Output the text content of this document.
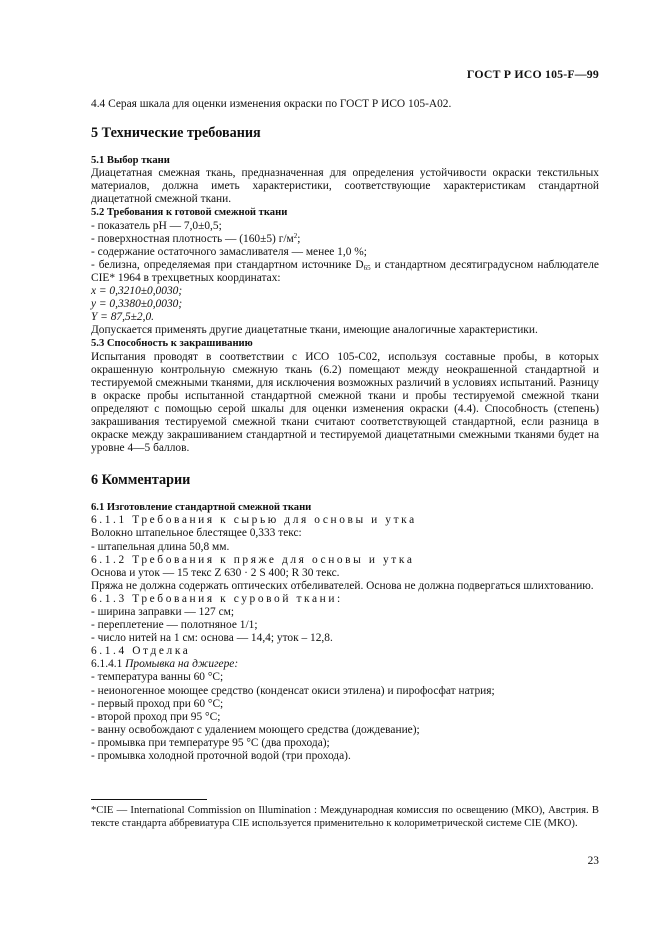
ГОСТ Р ИСО 105-F—99

4.4 Серая шкала для оценки изменения окраски по ГОСТ Р ИСО 105-А02.

5 Технические требования

5.1 Выбор ткани

Диацетатная смежная ткань, предназначенная для определения устойчивости окраски текстильных материалов, должна иметь характеристики, соответствующие характеристикам стандартной диацетатной смежной ткани.

5.2 Требования к готовой смежной ткани

- показатель рН — 7,0±0,5;

- поверхностная плотность — (160±5) $г/м^2$;

- содержание остаточного замасливателя — менее 1,0 %;

- белизна, определяемая при стандартном источнике $D_{65}$ и стандартном десятиградусном наблюдателе CIE* 1964 в трехцветных координатах:

x = 0,3210±0,0030;

y = 0,3380±0,0030;

Y = 87,5±2,0.

Допускается применять другие диацетатные ткани, имеющие аналогичные характеристики.

5.3 Способность к закрашиванию

Испытания проводят в соответствии с ИСО 105-С02, используя составные пробы, в которых окрашенную контрольную смежную ткань (6.2) помещают между неокрашенной стандартной и тестируемой смежными тканями, для исключения возможных различий в условиях испытаний. Разницу в окраске пробы испытанной стандартной смежной ткани и пробы тестируемой смежной ткани определяют с помощью серой шкалы для оценки изменения окраски (4.4). Способность (степень) закрашивания тестируемой смежной ткани считают соответствующей стандартной, если разница в окраске между закрашиванием стандартной и тестируемой диацетатными смежными тканями будет на уровне 4—5 баллов.

6 Комментарии

6.1 Изготовление стандартной смежной ткани

6.1.1 Требования к сырью для основы и утка

Волокно штапельное блестящее 0,333 текс:

- штапельная длина 50,8 мм.

6.1.2 Требования к пряже для основы и утка

Основа и уток — 15 текс Z 630 · 2 S 400; R 30 текс.

Пряжа не должна содержать оптических отбеливателей. Основа не должна подвергаться шлихтованию.

6.1.3 Требования к суровой ткани:

- ширина заправки — 127 см;

- переплетение — полотняное 1/1;

- число нитей на 1 см: основа — 14,4; уток – 12,8.

6.1.4 Отделка

6.1.4.1 Промывка на джигере:

- температура ванны 60 °С;

- неионогенное моющее средство (конденсат окиси этилена) и пирофосфат натрия;

- первый проход при 60 °С;

- второй проход при 95 °С;

- ванну освобождают с удалением моющего средства (дождевание);

- промывка при температуре 95 °С (два прохода);

- промывка холодной проточной водой (три прохода).

*CIE — International Commission on Illumination : Международная комиссия по освещению (МКО), Австрия. В тексте стандарта аббревиатура CIE используется применительно к колориметрической системе CIE (МКО).

23
